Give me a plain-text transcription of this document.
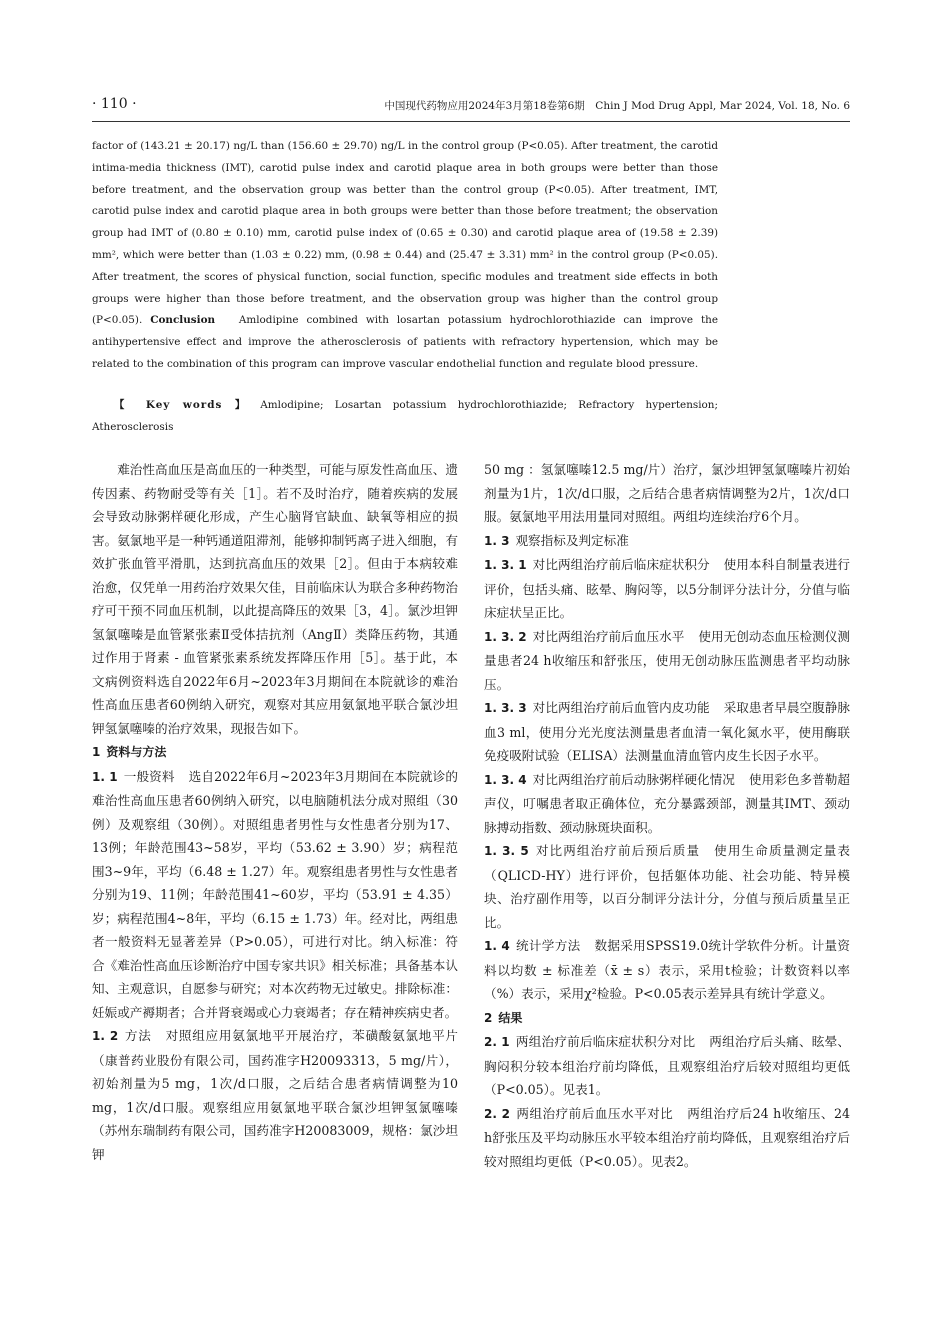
· 110 ·	中国现代药物应用2024年3月第18卷第6期　Chin J Mod Drug Appl, Mar 2024, Vol. 18, No. 6

factor of (143.21 ± 20.17) ng/L than (156.60 ± 29.70) ng/L in the control group (P<0.05). After treatment, the carotid intima-media thickness (IMT), carotid pulse index and carotid plaque area in both groups were better than those before treatment, and the observation group was better than the control group (P<0.05). After treatment, IMT, carotid pulse index and carotid plaque area in both groups were better than those before treatment; the observation group had IMT of (0.80 ± 0.10) mm, carotid pulse index of (0.65 ± 0.30) and carotid plaque area of (19.58 ± 2.39) mm², which were better than (1.03 ± 0.22) mm, (0.98 ± 0.44) and (25.47 ± 3.31) mm² in the control group (P<0.05). After treatment, the scores of physical function, social function, specific modules and treatment side effects in both groups were higher than those before treatment, and the observation group was higher than the control group (P<0.05). Conclusion Amlodipine combined with losartan potassium hydrochlorothiazide can improve the antihypertensive effect and improve the atherosclerosis of patients with refractory hypertension, which may be related to the combination of this program can improve vascular endothelial function and regulate blood pressure.

【 Key words 】 Amlodipine; Losartan potassium hydrochlorothiazide; Refractory hypertension; Atherosclerosis

难治性高血压是高血压的一种类型，可能与原发性高血压、遗传因素、药物耐受等有关［1］。若不及时治疗，随着疾病的发展会导致动脉粥样硬化形成，产生心脑肾官缺血、缺氧等相应的损害。氨氯地平是一种钙通道阻滞剂，能够抑制钙离子进入细胞，有效扩张血管平滑肌，达到抗高血压的效果［2］。但由于本病较难治愈，仅凭单一用药治疗效果欠佳，目前临床认为联合多种药物治疗可干预不同血压机制，以此提高降压的效果［3，4］。氯沙坦钾氢氯噻嗪是血管紧张素Ⅱ受体拮抗剂（AngⅡ）类降压药物，其通过作用于肾素 - 血管紧张素系统发挥降压作用［5］。基于此，本文病例资料选自2022年6月~2023年3月期间在本院就诊的难治性高血压患者60例纳入研究，观察对其应用氨氯地平联合氯沙坦钾氢氯噻嗪的治疗效果，现报告如下。

1 资料与方法

1. 1 一般资料 选自2022年6月~2023年3月期间在本院就诊的难治性高血压患者60例纳入研究，以电脑随机法分成对照组（30例）及观察组（30例）。对照组患者男性与女性患者分别为17、13例；年龄范围43~58岁，平均（53.62 ± 3.90）岁；病程范围3~9年，平均（6.48 ± 1.27）年。观察组患者男性与女性患者分别为19、11例；年龄范围41~60岁，平均（53.91 ± 4.35）岁；病程范围4~8年，平均（6.15 ± 1.73）年。经对比，两组患者一般资料无显著差异（P>0.05），可进行对比。纳入标准：符合《难治性高血压诊断治疗中国专家共识》相关标准；具备基本认知、主观意识，自愿参与研究；对本次药物无过敏史。排除标准：妊娠或产褥期者；合并肾衰竭或心力衰竭者；存在精神疾病史者。

1. 2 方法 对照组应用氨氯地平开展治疗，苯磺酸氨氯地平片（康普药业股份有限公司，国药准字H20093313，5 mg/片），初始剂量为5 mg，1次/d口服，之后结合患者病情调整为10 mg，1次/d口服。观察组应用氨氯地平联合氯沙坦钾氢氯噻嗪（苏州东瑞制药有限公司，国药准字H20083009，规格：氯沙坦钾

50 mg ：氢氯噻嗪12.5 mg/片）治疗，氯沙坦钾氢氯噻嗪片初始剂量为1片，1次/d口服，之后结合患者病情调整为2片，1次/d口服。氨氯地平用法用量同对照组。两组均连续治疗6个月。

1. 3 观察指标及判定标准

1. 3. 1 对比两组治疗前后临床症状积分 使用本科自制量表进行评价，包括头痛、眩晕、胸闷等，以5分制评分法计分，分值与临床症状呈正比。

1. 3. 2 对比两组治疗前后血压水平 使用无创动态血压检测仪测量患者24 h收缩压和舒张压，使用无创动脉压监测患者平均动脉压。

1. 3. 3 对比两组治疗前后血管内皮功能 采取患者早晨空腹静脉血3 ml，使用分光光度法测量患者血清一氧化氮水平，使用酶联免疫吸附试验（ELISA）法测量血清血管内皮生长因子水平。

1. 3. 4 对比两组治疗前后动脉粥样硬化情况 使用彩色多普勒超声仪，叮嘱患者取正确体位，充分暴露颈部，测量其IMT、颈动脉搏动指数、颈动脉斑块面积。

1. 3. 5 对比两组治疗前后预后质量 使用生命质量测定量表（QLICD-HY）进行评价，包括躯体功能、社会功能、特异模块、治疗副作用等，以百分制评分法计分，分值与预后质量呈正比。

1. 4 统计学方法 数据采用SPSS19.0统计学软件分析。计量资料以均数 ± 标准差（x̄ ± s）表示，采用t检验；计数资料以率（%）表示，采用χ²检验。P<0.05表示差异具有统计学意义。

2 结果

2. 1 两组治疗前后临床症状积分对比 两组治疗后头痛、眩晕、胸闷积分较本组治疗前均降低，且观察组治疗后较对照组均更低（P<0.05）。见表1。

2. 2 两组治疗前后血压水平对比 两组治疗后24 h收缩压、24 h舒张压及平均动脉压水平较本组治疗前均降低，且观察组治疗后较对照组均更低（P<0.05）。见表2。
